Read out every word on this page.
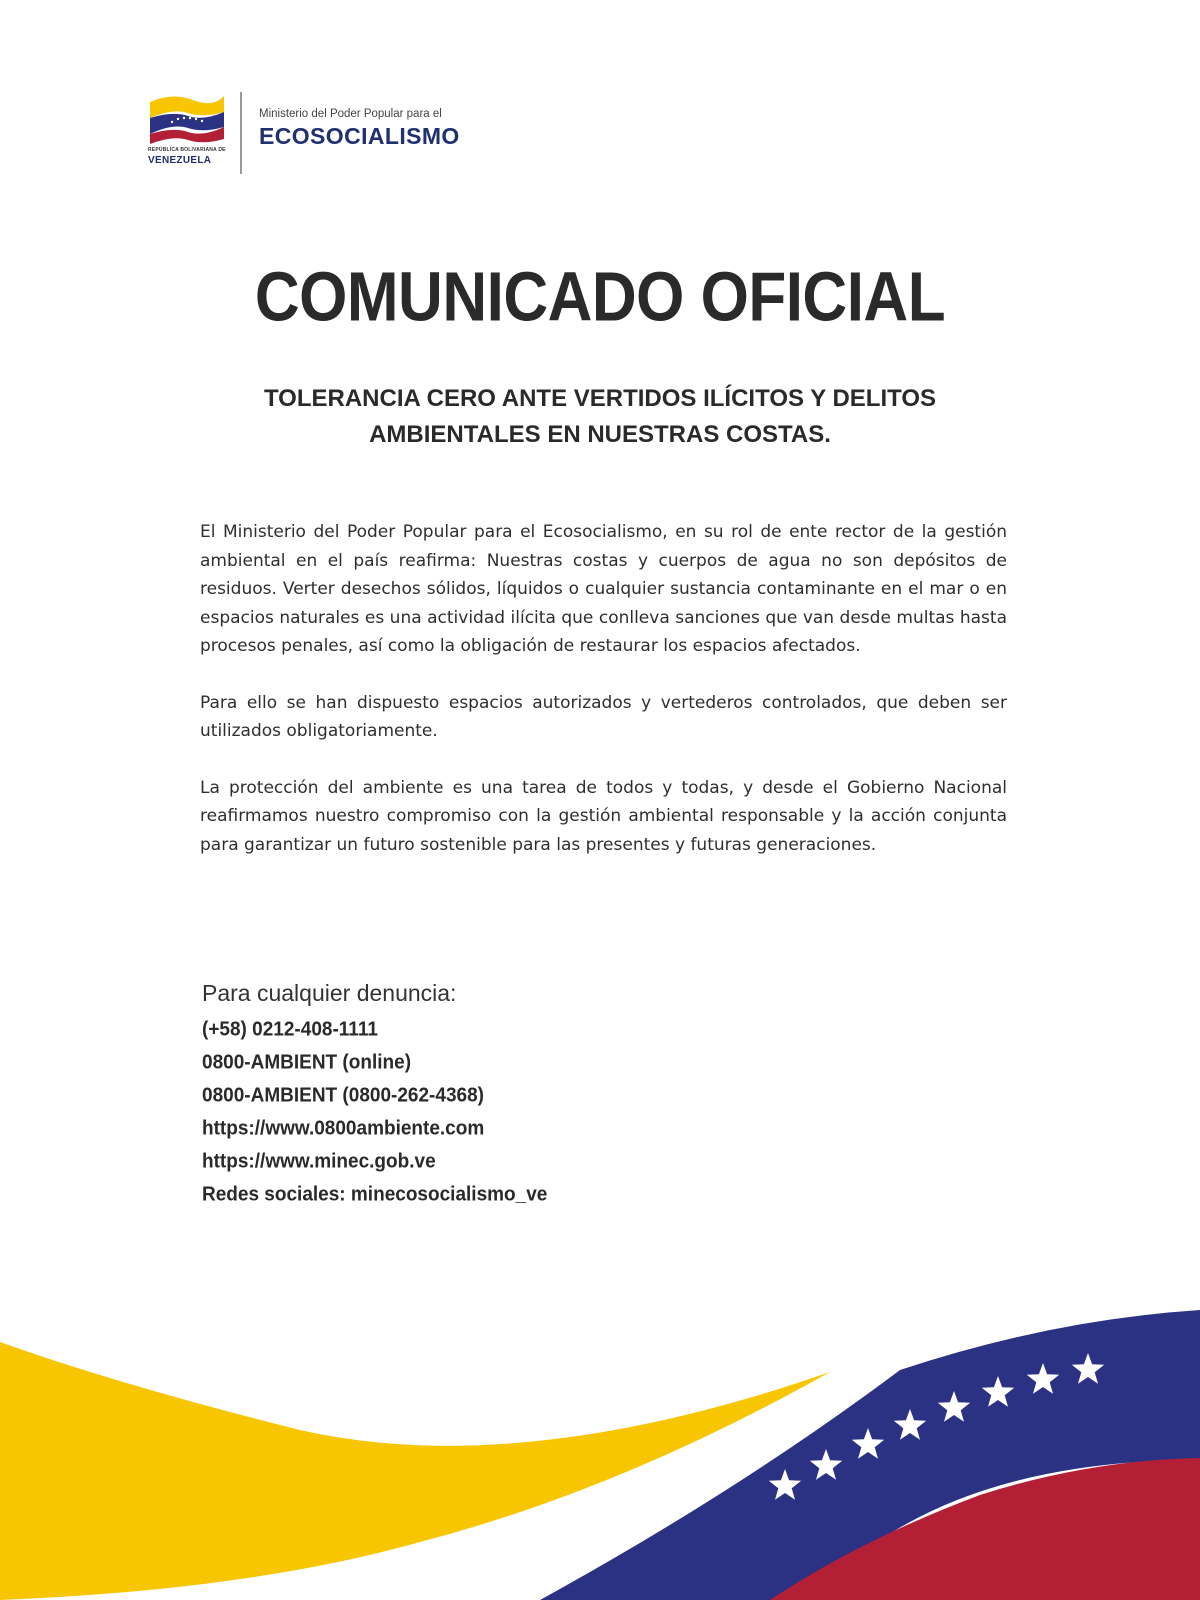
REPÚBLICA BOLIVARIANA DE
VENEZUELA
Ministerio del Poder Popular para el
ECOSOCIALISMO
COMUNICADO OFICIAL
TOLERANCIA CERO ANTE VERTIDOS ILÍCITOS Y DELITOS
AMBIENTALES EN NUESTRAS COSTAS.

El Ministerio del Poder Popular para el Ecosocialismo, en su rol de ente rector de la gestión ambiental en el país reafirma: Nuestras costas y cuerpos de agua no son depósitos de residuos. Verter desechos sólidos, líquidos o cualquier sustancia contaminante en el mar o en espacios naturales es una actividad ilícita que conlleva sanciones que van desde multas hasta procesos penales, así como la obligación de restaurar los espacios afectados.

Para ello se han dispuesto espacios autorizados y vertederos controlados, que deben ser utilizados obligatoriamente.

La protección del ambiente es una tarea de todos y todas, y desde el Gobierno Nacional reafirmamos nuestro compromiso con la gestión ambiental responsable y la acción conjunta para garantizar un futuro sostenible para las presentes y futuras generaciones.

Para cualquier denuncia:
(+58) 0212-408-1111
0800-AMBIENT (online)
0800-AMBIENT (0800-262-4368)
https://www.0800ambiente.com
https://www.minec.gob.ve
Redes sociales: minecosocialismo_ve
